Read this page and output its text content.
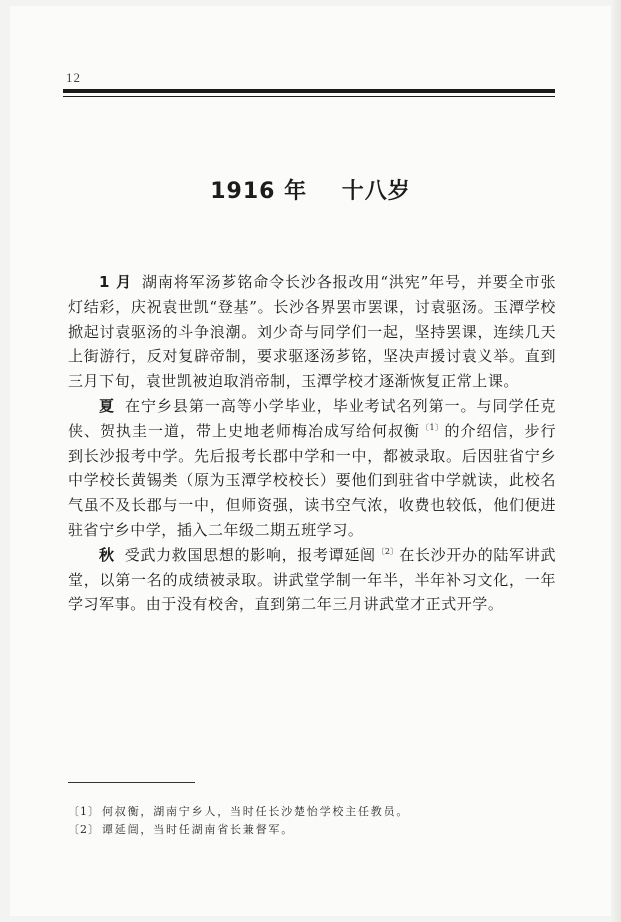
12
1916 年    十八岁

1 月 湖南将军汤芗铭命令长沙各报改用“洪宪”年号，并要全市张灯结彩，庆祝袁世凯“登基”。长沙各界罢市罢课，讨袁驱汤。玉潭学校掀起讨袁驱汤的斗争浪潮。刘少奇与同学们一起，坚持罢课，连续几天上街游行，反对复辟帝制，要求驱逐汤芗铭，坚决声援讨袁义举。直到三月下旬，袁世凯被迫取消帝制，玉潭学校才逐渐恢复正常上课。

夏 在宁乡县第一高等小学毕业，毕业考试名列第一。与同学任克侠、贺执圭一道，带上史地老师梅冶成写给何叔衡$^{〔1〕}$的介绍信，步行到长沙报考中学。先后报考长郡中学和一中，都被录取。后因驻省宁乡中学校长黄锡类（原为玉潭学校校长）要他们到驻省中学就读，此校名气虽不及长郡与一中，但师资强，读书空气浓，收费也较低，他们便进驻省宁乡中学，插入二年级二期五班学习。

秋 受武力救国思想的影响，报考谭延闿$^{〔2〕}$在长沙开办的陆军讲武堂，以第一名的成绩被录取。讲武堂学制一年半，半年补习文化，一年学习军事。由于没有校舍，直到第二年三月讲武堂才正式开学。

〔1〕 何叔衡，湖南宁乡人，当时任长沙楚怡学校主任教员。
〔2〕 谭延闿，当时任湖南省长兼督军。
